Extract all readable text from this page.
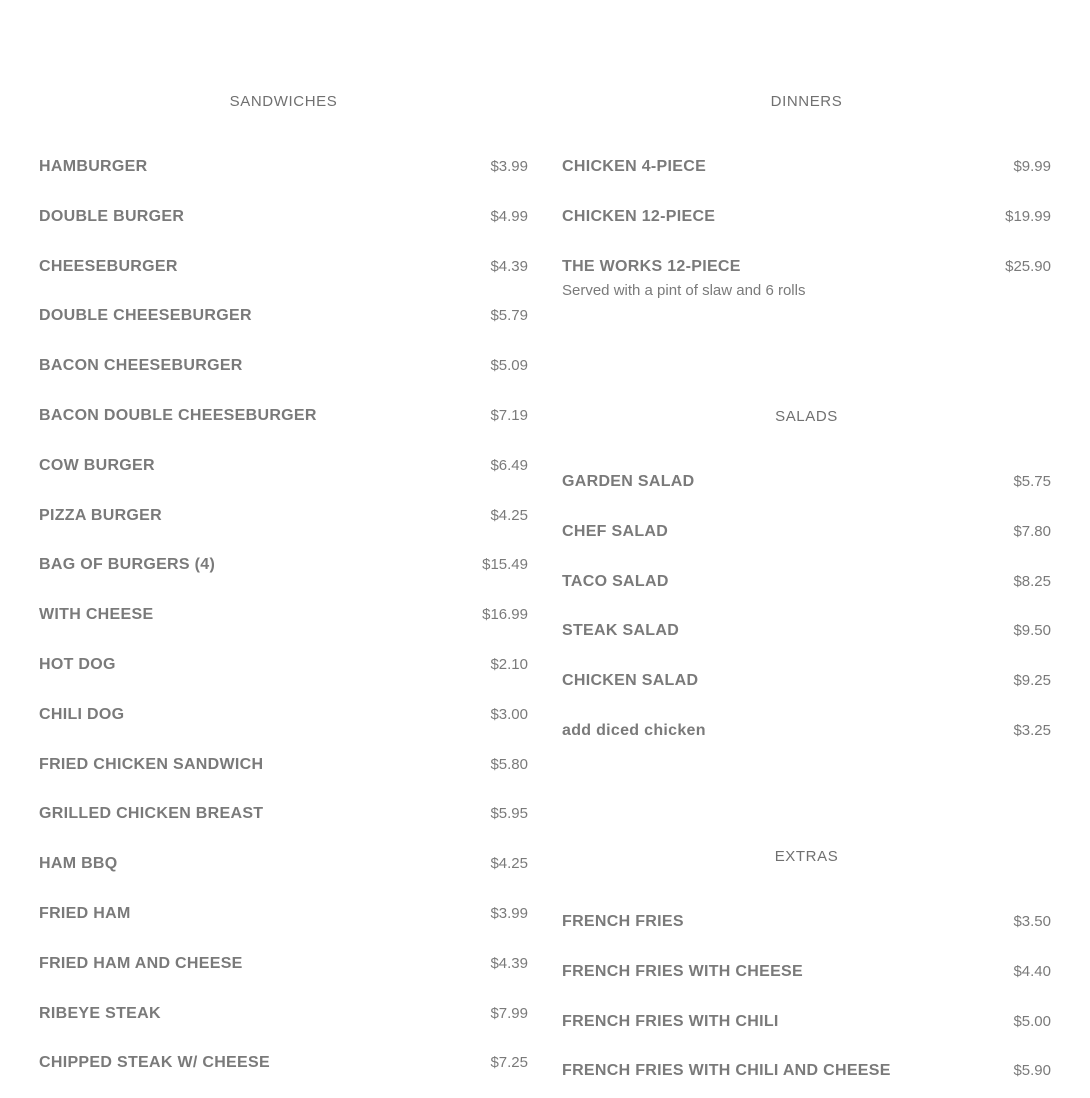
SANDWICHES
HAMBURGER	$3.99
DOUBLE BURGER	$4.99
CHEESEBURGER	$4.39
DOUBLE CHEESEBURGER	$5.79
BACON CHEESEBURGER	$5.09
BACON DOUBLE CHEESEBURGER	$7.19
COW BURGER	$6.49
PIZZA BURGER	$4.25
BAG OF BURGERS (4)	$15.49
WITH CHEESE	$16.99
HOT DOG	$2.10
CHILI DOG	$3.00
FRIED CHICKEN SANDWICH	$5.80
GRILLED CHICKEN BREAST	$5.95
HAM BBQ	$4.25
FRIED HAM	$3.99
FRIED HAM AND CHEESE	$4.39
RIBEYE STEAK	$7.99
CHIPPED STEAK W/ CHEESE	$7.25
DINNERS
CHICKEN 4-PIECE	$9.99
CHICKEN 12-PIECE	$19.99
THE WORKS 12-PIECE	$25.90
Served with a pint of slaw and 6 rolls
SALADS
GARDEN SALAD	$5.75
CHEF SALAD	$7.80
TACO SALAD	$8.25
STEAK SALAD	$9.50
CHICKEN SALAD	$9.25
add diced chicken	$3.25
EXTRAS
FRENCH FRIES	$3.50
FRENCH FRIES WITH CHEESE	$4.40
FRENCH FRIES WITH CHILI	$5.00
FRENCH FRIES WITH CHILI AND CHEESE	$5.90
